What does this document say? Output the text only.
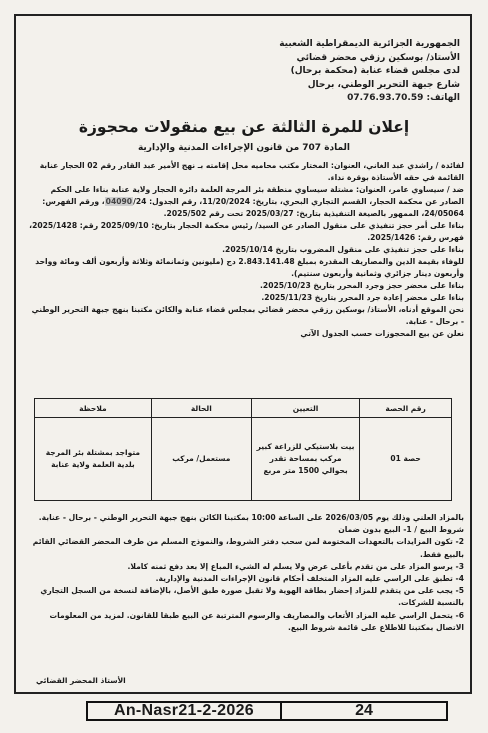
الجمهورية الجزائرية الديمقراطية الشعبية
الأستاذ/ بوسكين رزقي محضر قضائي
لدى مجلس قضاء عنابة (محكمة برحال)
شارع جبهة التحرير الوطني، برحال
الهاتف: 07.76.93.70.59
إعلان للمرة الثالثة عن بيع منقولات محجوزة
المادة 707 من قانون الإجراءات المدنية والإدارية

لفائدة / راشدي عبد الغاني، العنوان: المختار مكتب محاميه محل إقامته بـ نهج الأمير عبد القادر رقم 02 الحجار عنابة القائمة في حقه الأستاذة بوقرة نداء.

ضد / سيساوي عامر، العنوان: مشتلة سيساوي منطقة بئر المرجة العلمة دائرة الحجار ولاية عنابة بناءا على الحكم الصادر عن محكمة الحجار، القسم التجاري البحري، بتاريخ: 11/20/2024، رقم الجدول: 04090/24، ورقم الفهرس: 24/05064، الممهور بالصيغة التنفيذية بتاريخ: 2025/03/27 تحت رقم 2025/502.

بناءا على أمر حجز تنفيذي على منقول الصادر عن السيد/ رئيس محكمة الحجار بتاريخ: 2025/09/10 رقم: 2025/1428، فهرس رقم: 2025/1426.

بناءا على حجز تنفيذي على منقول المضروب بتاريخ 2025/10/14.

للوفاء بقيمة الدين والمصاريف المقدرة بمبلغ 2.843.141.48 دج (مليونين وثمانمائة وثلاثة وأربعون ألف ومائة وواحد وأربعون دينار جزائري وثمانية وأربعون سنتيم).

بناءا على محضر حجز وجرد المحرر بتاريخ 2025/10/23.

بناءا على محضر إعادة جرد المحرر بتاريخ 2025/11/23.

نحن الموقع أدناه، الأستاذ/ بوسكين رزقي محضر قضائي بمجلس قضاء عنابة والكائن مكتبنا بنهج جبهة التحرير الوطني - برحال - عنابة.

نعلن عن بيع المحجوزات حسب الجدول الآتي

رقم الحصة	التعيين	الحالة	ملاحظة
حصة 01	بيت بلاستيكي للزراعة كبير مركب بمساحة تقدر بحوالي 1500 متر مربع	مستعمل/ مركب	متواجد بمشتلة بئر المرجة بلدية العلمة ولاية عنابة

بالمزاد العلني وذلك يوم 2026/03/05 على الساعة 10:00 بمكتبنا الكائن بنهج جبهة التحرير الوطني - برحال - عنابة.

شروط البيع / 1- البيع بدون ضمان

2- تكون المزايدات بالتعهدات المختومة لمن سحب دفتر الشروط، والنموذج المسلم من طرف المحضر القضائي القائم بالبيع فقط.

3- يرسو المزاد على من تقدم بأعلى عرض ولا يسلم له الشيء المباع إلا بعد دفع ثمنه كاملا.

4- تطبق على الراسي عليه المزاد المتخلف أحكام قانون الإجراءات المدنية والإدارية.

5- يجب على من يتقدم للمزاد إحضار بطاقة الهوية ولا تقبل صورة طبق الأصل، بالإضافة لنسخة من السجل التجاري بالنسبة للشركات.

6- يتحمل الراسي عليه المزاد الأتعاب والمصاريف والرسوم المترتبة عن البيع طبقا للقانون. لمزيد من المعلومات الاتصال بمكتبنا للاطلاع على قائمة شروط البيع.

الأستاذ المحضر القضائي
An-Nasr21-2-2026	24
